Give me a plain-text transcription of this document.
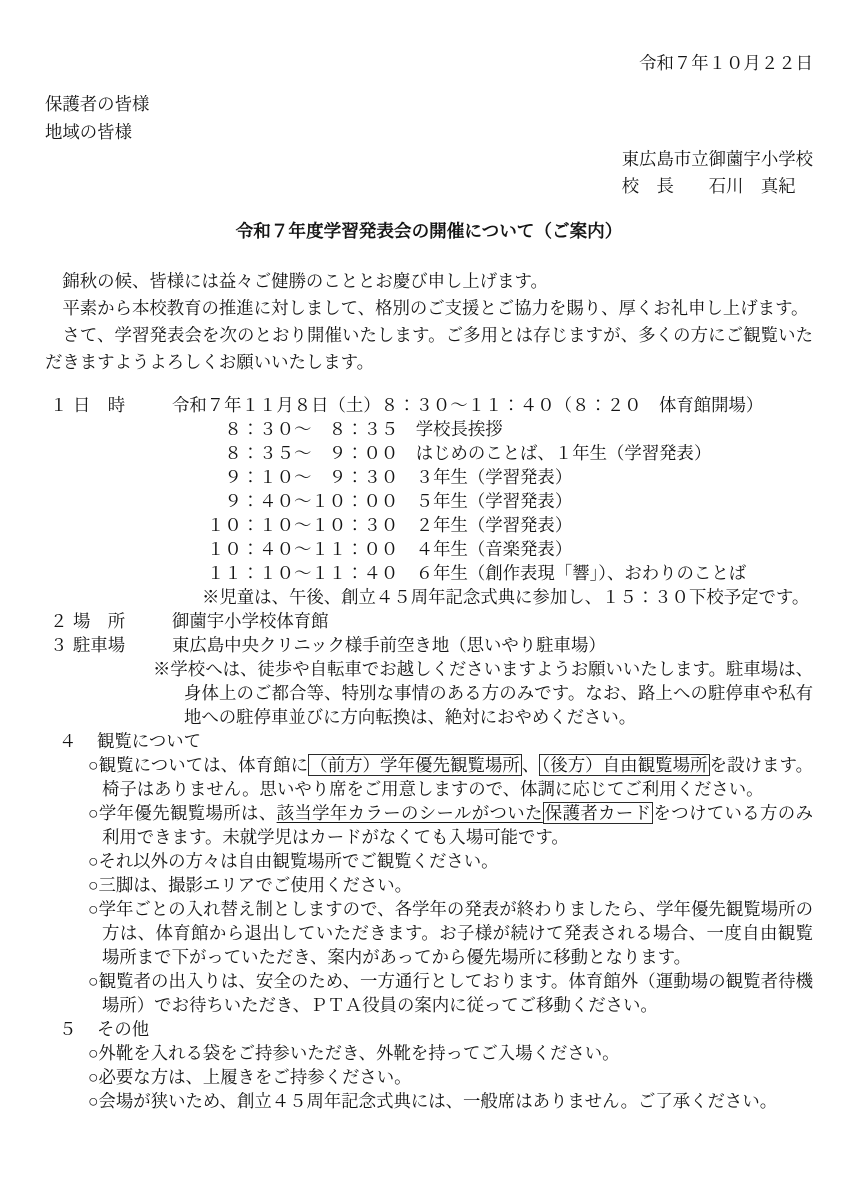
令和７年１０月２２日
保護者の皆様
地域の皆様
東広島市立御薗宇小学校
校　長　　石川　真紀
令和７年度学習発表会の開催について（ご案内）

錦秋の候、皆様には益々ご健勝のこととお慶び申し上げます。

平素から本校教育の推進に対しまして、格別のご支援とご協力を賜り、厚くお礼申し上げます。

さて、学習発表会を次のとおり開催いたします。ご多用とは存じますが、多くの方にご観覧いただきますようよろしくお願いいたします。

１ 日　時	令和７年１１月８日（土）８：３０～１１：４０（８：２０　体育館開場）
　８：３０～　８：３５　学校長挨拶
　８：３５～　９：００　はじめのことば、１年生（学習発表）
　９：１０～　９：３０　３年生（学習発表）
　９：４０～１０：００　５年生（学習発表）
１０：１０～１０：３０　２年生（学習発表）
１０：４０～１１：００　４年生（音楽発表）
１１：１０～１１：４０　６年生（創作表現「響」）、おわりのことば
※児童は、午後、創立４５周年記念式典に参加し、１５：３０下校予定です。
２ 場　所	御薗宇小学校体育館
３ 駐車場	東広島中央クリニック様手前空き地（思いやり駐車場）
※学校へは、徒歩や自転車でお越しくださいますようお願いいたします。駐車場は、身体上のご都合等、特別な事情のある方のみです。なお、路上への駐停車や私有地への駐停車並びに方向転換は、絶対におやめください。
４ 観覧について
○観覧については、体育館に （前方）学年優先観覧場所 、 （後方）自由観覧場所 を設けます。椅子はありません。思いやり席をご用意しますので、体調に応じてご利用ください。
○学年優先観覧場所は、該当学年カラーのシールがついた 保護者カード をつけている方のみ利用できます。未就学児はカードがなくても入場可能です。
○それ以外の方々は自由観覧場所でご観覧ください。
○三脚は、撮影エリアでご使用ください。
○学年ごとの入れ替え制としますので、各学年の発表が終わりましたら、学年優先観覧場所の方は、体育館から退出していただきます。お子様が続けて発表される場合、一度自由観覧場所まで下がっていただき、案内があってから優先場所に移動となります。
○観覧者の出入りは、安全のため、一方通行としております。体育館外（運動場の観覧者待機場所）でお待ちいただき、ＰＴＡ役員の案内に従ってご移動ください。
５ その他
○外靴を入れる袋をご持参いただき、外靴を持ってご入場ください。
○必要な方は、上履きをご持参ください。
○会場が狭いため、創立４５周年記念式典には、一般席はありません。ご了承ください。
